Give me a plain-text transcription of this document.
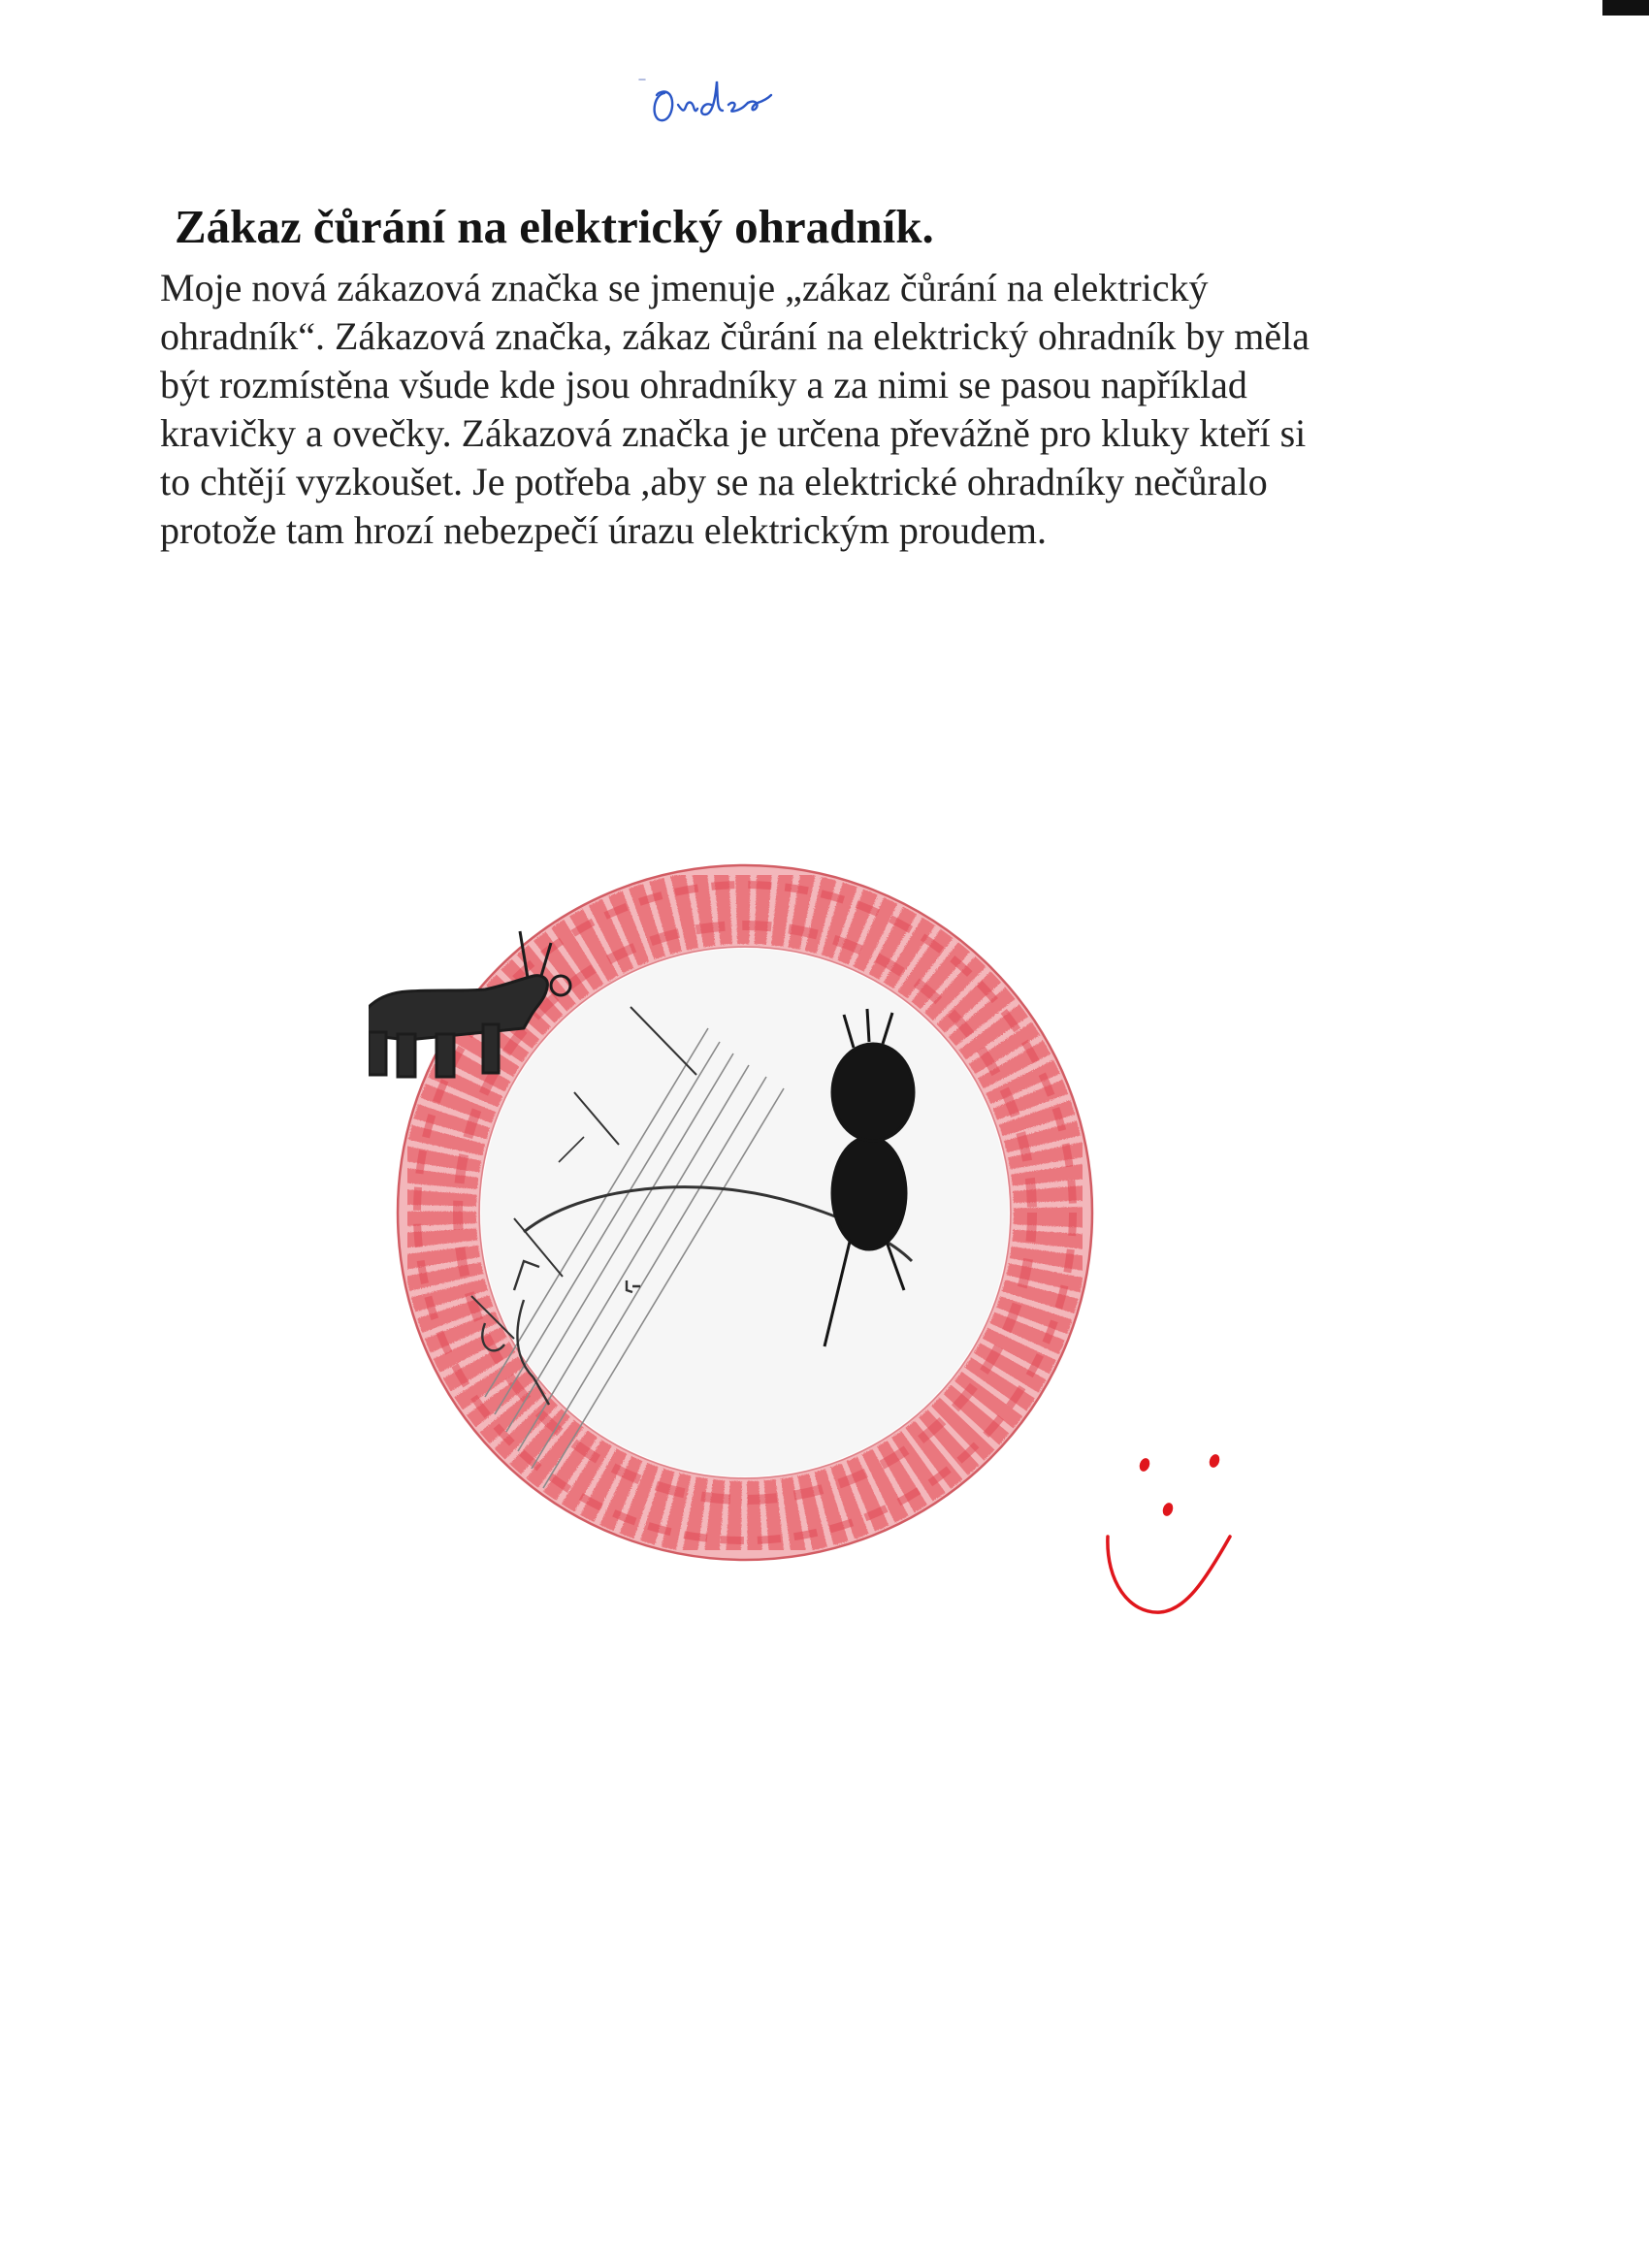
Zákaz čůrání na elektrický ohradník.
Moje nová zákazová značka se jmenuje „zákaz čůrání na elektrický
ohradník“. Zákazová značka, zákaz čůrání na elektrický ohradník by měla
být rozmístěna všude kde jsou ohradníky a za nimi se pasou například
kravičky a ovečky. Zákazová značka je určena převážně pro kluky kteří si
to chtějí vyzkoušet. Je potřeba ,aby se na elektrické ohradníky nečůralo
protože tam hrozí nebezpečí úrazu elektrickým proudem.
